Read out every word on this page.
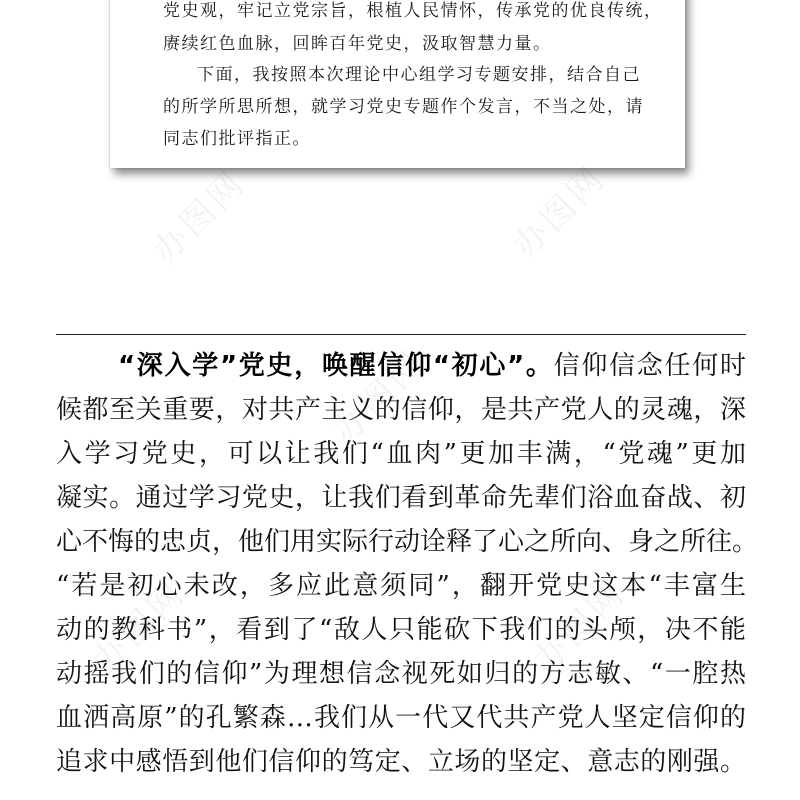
党史观，牢记立党宗旨，根植人民情怀，传承党的优良传统，
赓续红色血脉，回眸百年党史，汲取智慧力量。
下面，我按照本次理论中心组学习专题安排，结合自己
的所学所思所想，就学习党史专题作个发言，不当之处，请
同志们批评指正。
办图网	办图网
办图网
办图网	办图网
“深入学”党史，唤醒信仰“初心”。信仰信念任何时
候都至关重要，对共产主义的信仰，是共产党人的灵魂，深
入学习党史，可以让我们“血肉”更加丰满，“党魂”更加
凝实。通过学习党史，让我们看到革命先辈们浴血奋战、初
心不悔的忠贞，他们用实际行动诠释了心之所向、身之所往。
“若是初心未改，多应此意须同”，翻开党史这本“丰富生
动的教科书”，看到了“敌人只能砍下我们的头颅，决不能
动摇我们的信仰”为理想信念视死如归的方志敏、“一腔热
血洒高原”的孔繁森…我们从一代又代共产党人坚定信仰的
追求中感悟到他们信仰的笃定、立场的坚定、意志的刚强。
